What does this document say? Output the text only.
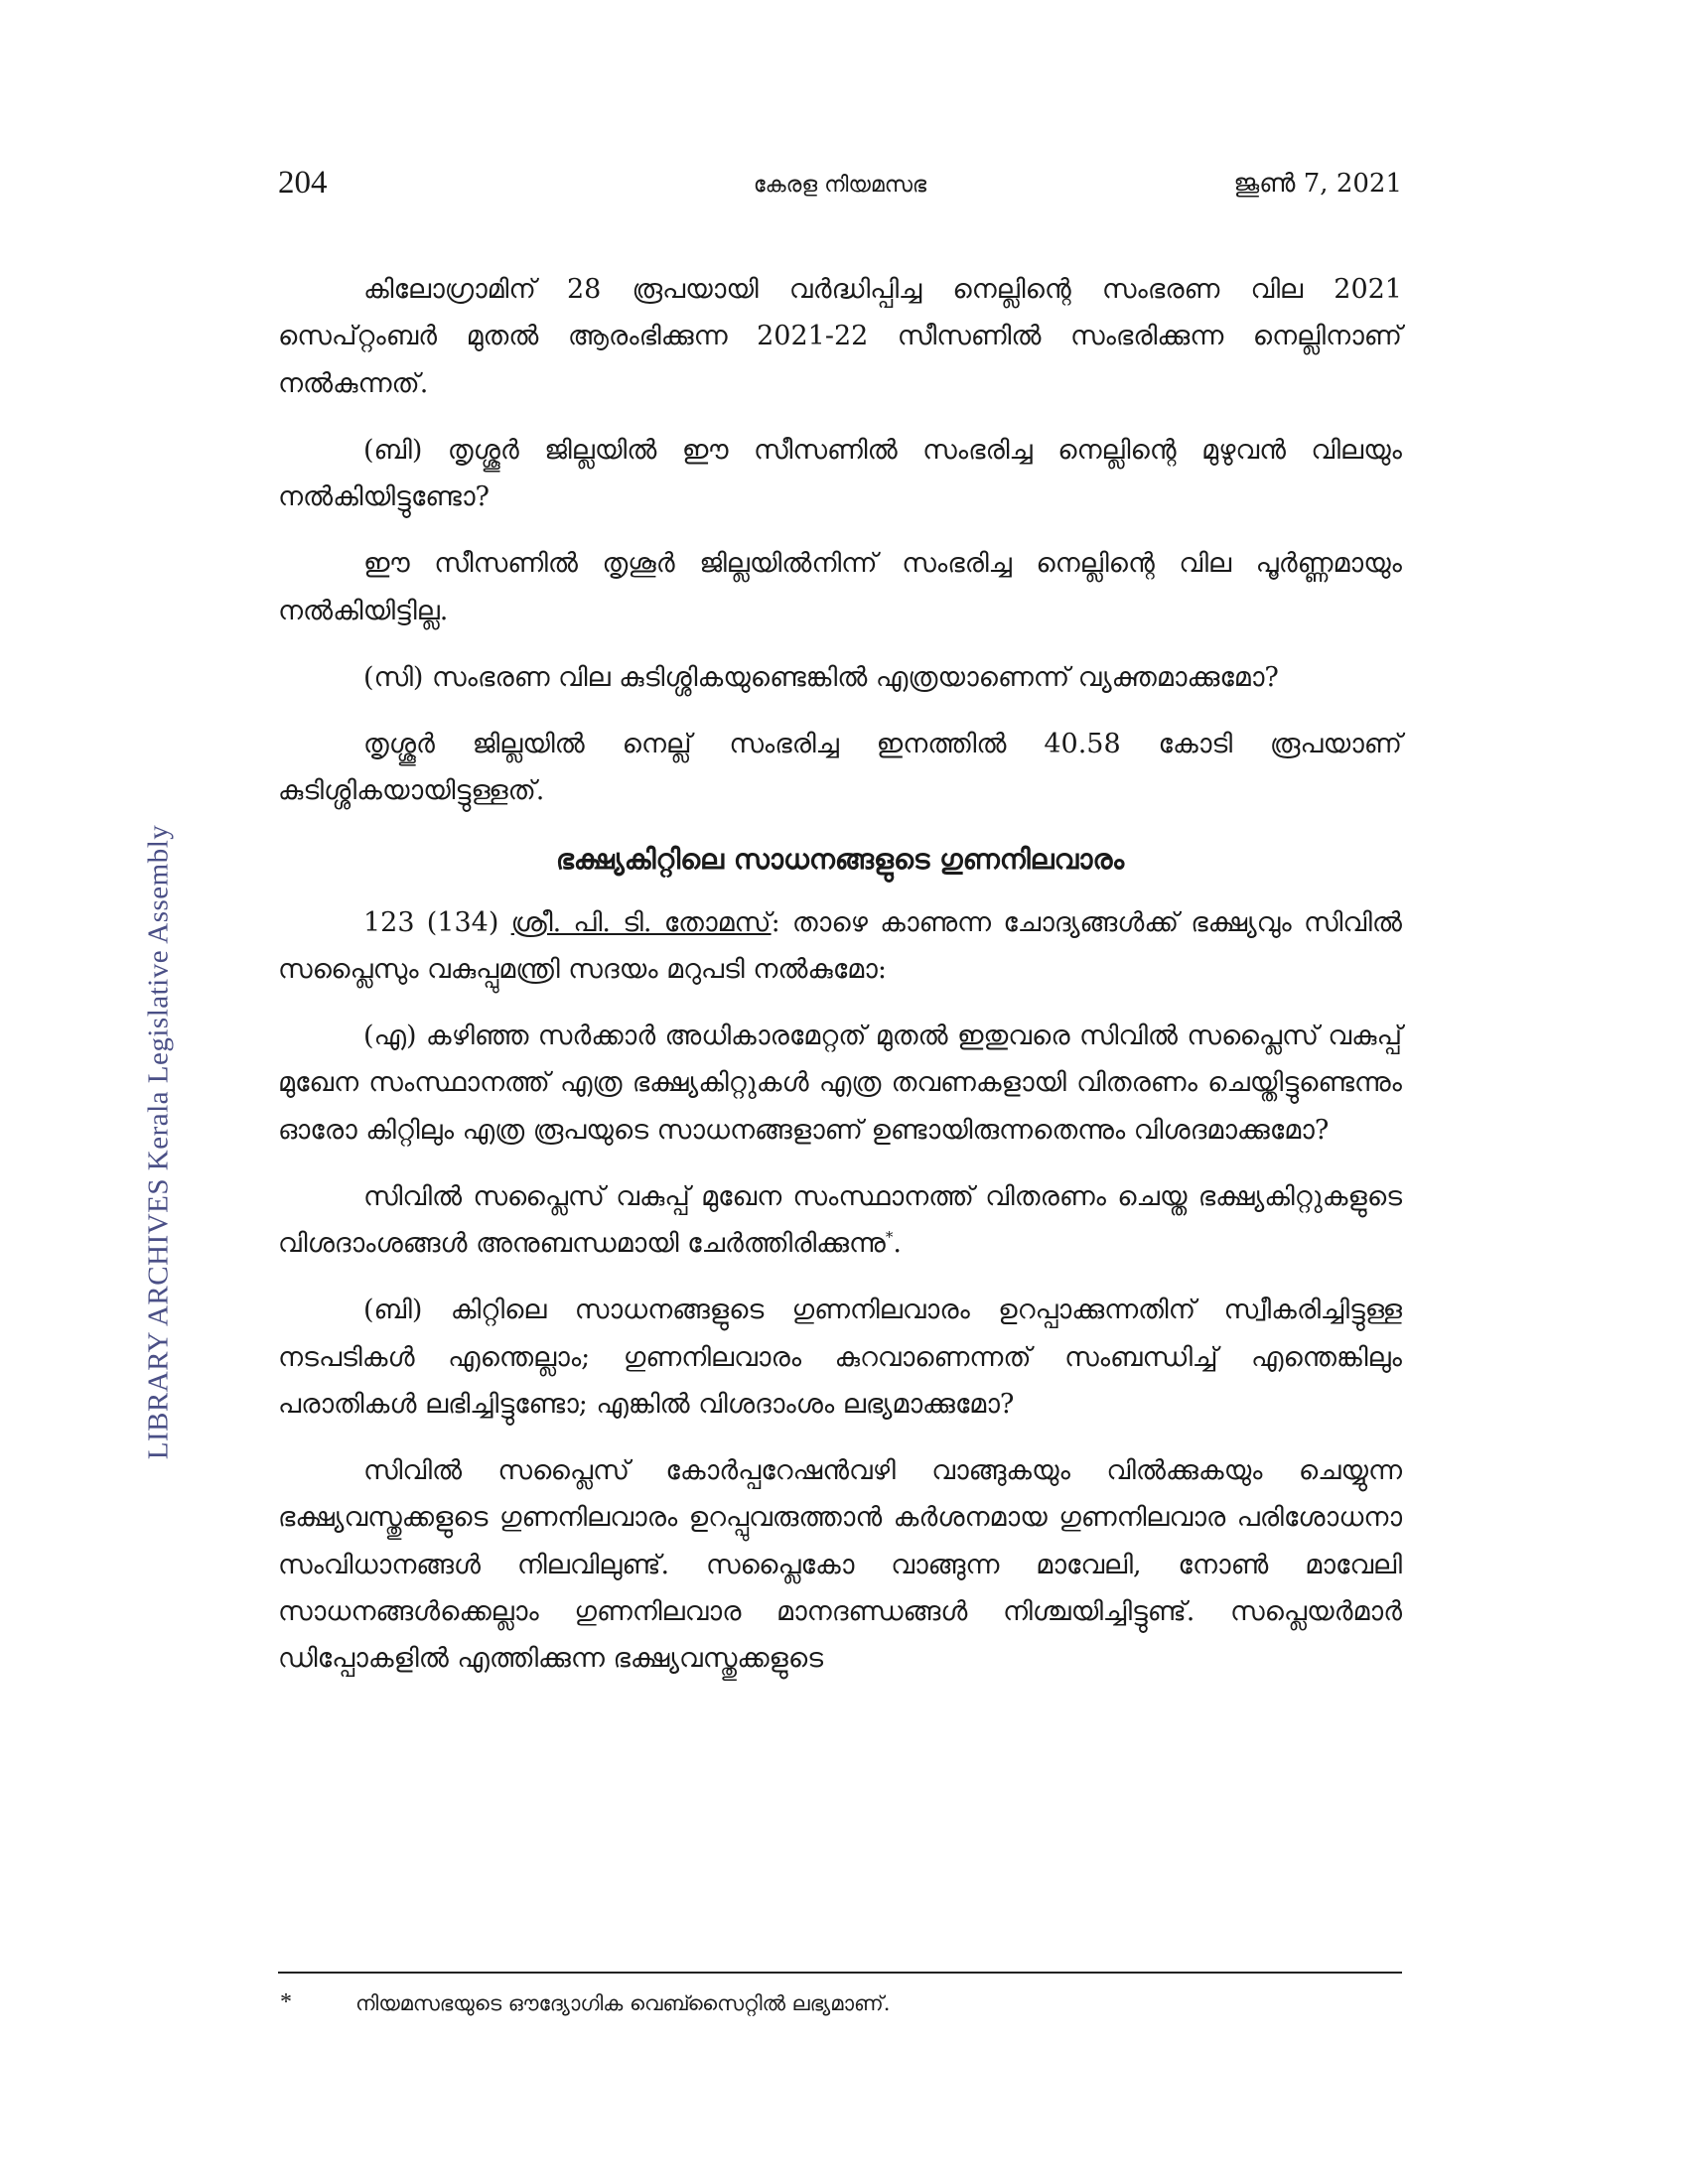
LIBRARY ARCHIVES Kerala Legislative Assembly
204	കേരള നിയമസഭ	ജൂൺ 7, 2021

കിലോഗ്രാമിന് 28 രൂപയായി വർദ്ധിപ്പിച്ച നെല്ലിന്റെ സംഭരണ വില 2021 സെപ്റ്റംബർ മുതൽ ആരംഭിക്കുന്ന 2021-22 സീസണിൽ സംഭരിക്കുന്ന നെല്ലിനാണ് നൽകുന്നത്.

(ബി) തൃശ്ശൂർ ജില്ലയിൽ ഈ സീസണിൽ സംഭരിച്ച നെല്ലിന്റെ മുഴുവൻ വിലയും നൽകിയിട്ടുണ്ടോ?

ഈ സീസണിൽ തൃശൂർ ജില്ലയിൽനിന്ന് സംഭരിച്ച നെല്ലിന്റെ വില പൂർണ്ണമായും നൽകിയിട്ടില്ല.

(സി) സംഭരണ വില കുടിശ്ശികയുണ്ടെങ്കിൽ എത്രയാണെന്ന് വ്യക്തമാക്കുമോ?

തൃശ്ശൂർ ജില്ലയിൽ നെല്ല് സംഭരിച്ച ഇനത്തിൽ 40.58 കോടി രൂപയാണ് കുടിശ്ശികയായിട്ടുള്ളത്.

ഭക്ഷ്യകിറ്റിലെ സാധനങ്ങളുടെ ഗുണനിലവാരം

123 (134) ശ്രീ. പി. ടി. തോമസ്: താഴെ കാണുന്ന ചോദ്യങ്ങൾക്ക് ഭക്ഷ്യവും സിവിൽ സപ്ലൈസും വകുപ്പുമന്ത്രി സദയം മറുപടി നൽകുമോ:

(എ) കഴിഞ്ഞ സർക്കാർ അധികാരമേറ്റത് മുതൽ ഇതുവരെ സിവിൽ സപ്ലൈസ് വകുപ്പ് മുഖേന സംസ്ഥാനത്ത് എത്ര ഭക്ഷ്യകിറ്റുകൾ എത്ര തവണകളായി വിതരണം ചെയ്തിട്ടുണ്ടെന്നും ഓരോ കിറ്റിലും എത്ര രൂപയുടെ സാധനങ്ങളാണ് ഉണ്ടായിരുന്നതെന്നും വിശദമാക്കുമോ?

സിവിൽ സപ്ലൈസ് വകുപ്പ് മുഖേന സംസ്ഥാനത്ത് വിതരണം ചെയ്ത ഭക്ഷ്യകിറ്റുകളുടെ വിശദാംശങ്ങൾ അനുബന്ധമായി ചേർത്തിരിക്കുന്നു*.

(ബി) കിറ്റിലെ സാധനങ്ങളുടെ ഗുണനിലവാരം ഉറപ്പാക്കുന്നതിന് സ്വീകരിച്ചിട്ടുള്ള നടപടികൾ എന്തെല്ലാം; ഗുണനിലവാരം കുറവാണെന്നത് സംബന്ധിച്ച് എന്തെങ്കിലും പരാതികൾ ലഭിച്ചിട്ടുണ്ടോ; എങ്കിൽ വിശദാംശം ലഭ്യമാക്കുമോ?

സിവിൽ സപ്ലൈസ് കോർപ്പറേഷൻവഴി വാങ്ങുകയും വിൽക്കുകയും ചെയ്യുന്ന ഭക്ഷ്യവസ്തുക്കളുടെ ഗുണനിലവാരം ഉറപ്പുവരുത്താൻ കർശനമായ ഗുണനിലവാര പരിശോധനാ സംവിധാനങ്ങൾ നിലവിലുണ്ട്. സപ്ലൈകോ വാങ്ങുന്ന മാവേലി, നോൺ മാവേലി സാധനങ്ങൾക്കെല്ലാം ഗുണനിലവാര മാനദണ്ഡങ്ങൾ നിശ്ചയിച്ചിട്ടുണ്ട്. സപ്ലെയർമാർ ഡിപ്പോകളിൽ എത്തിക്കുന്ന ഭക്ഷ്യവസ്തുക്കളുടെ

*	നിയമസഭയുടെ ഔദ്യോഗിക വെബ്സൈറ്റിൽ ലഭ്യമാണ്.
